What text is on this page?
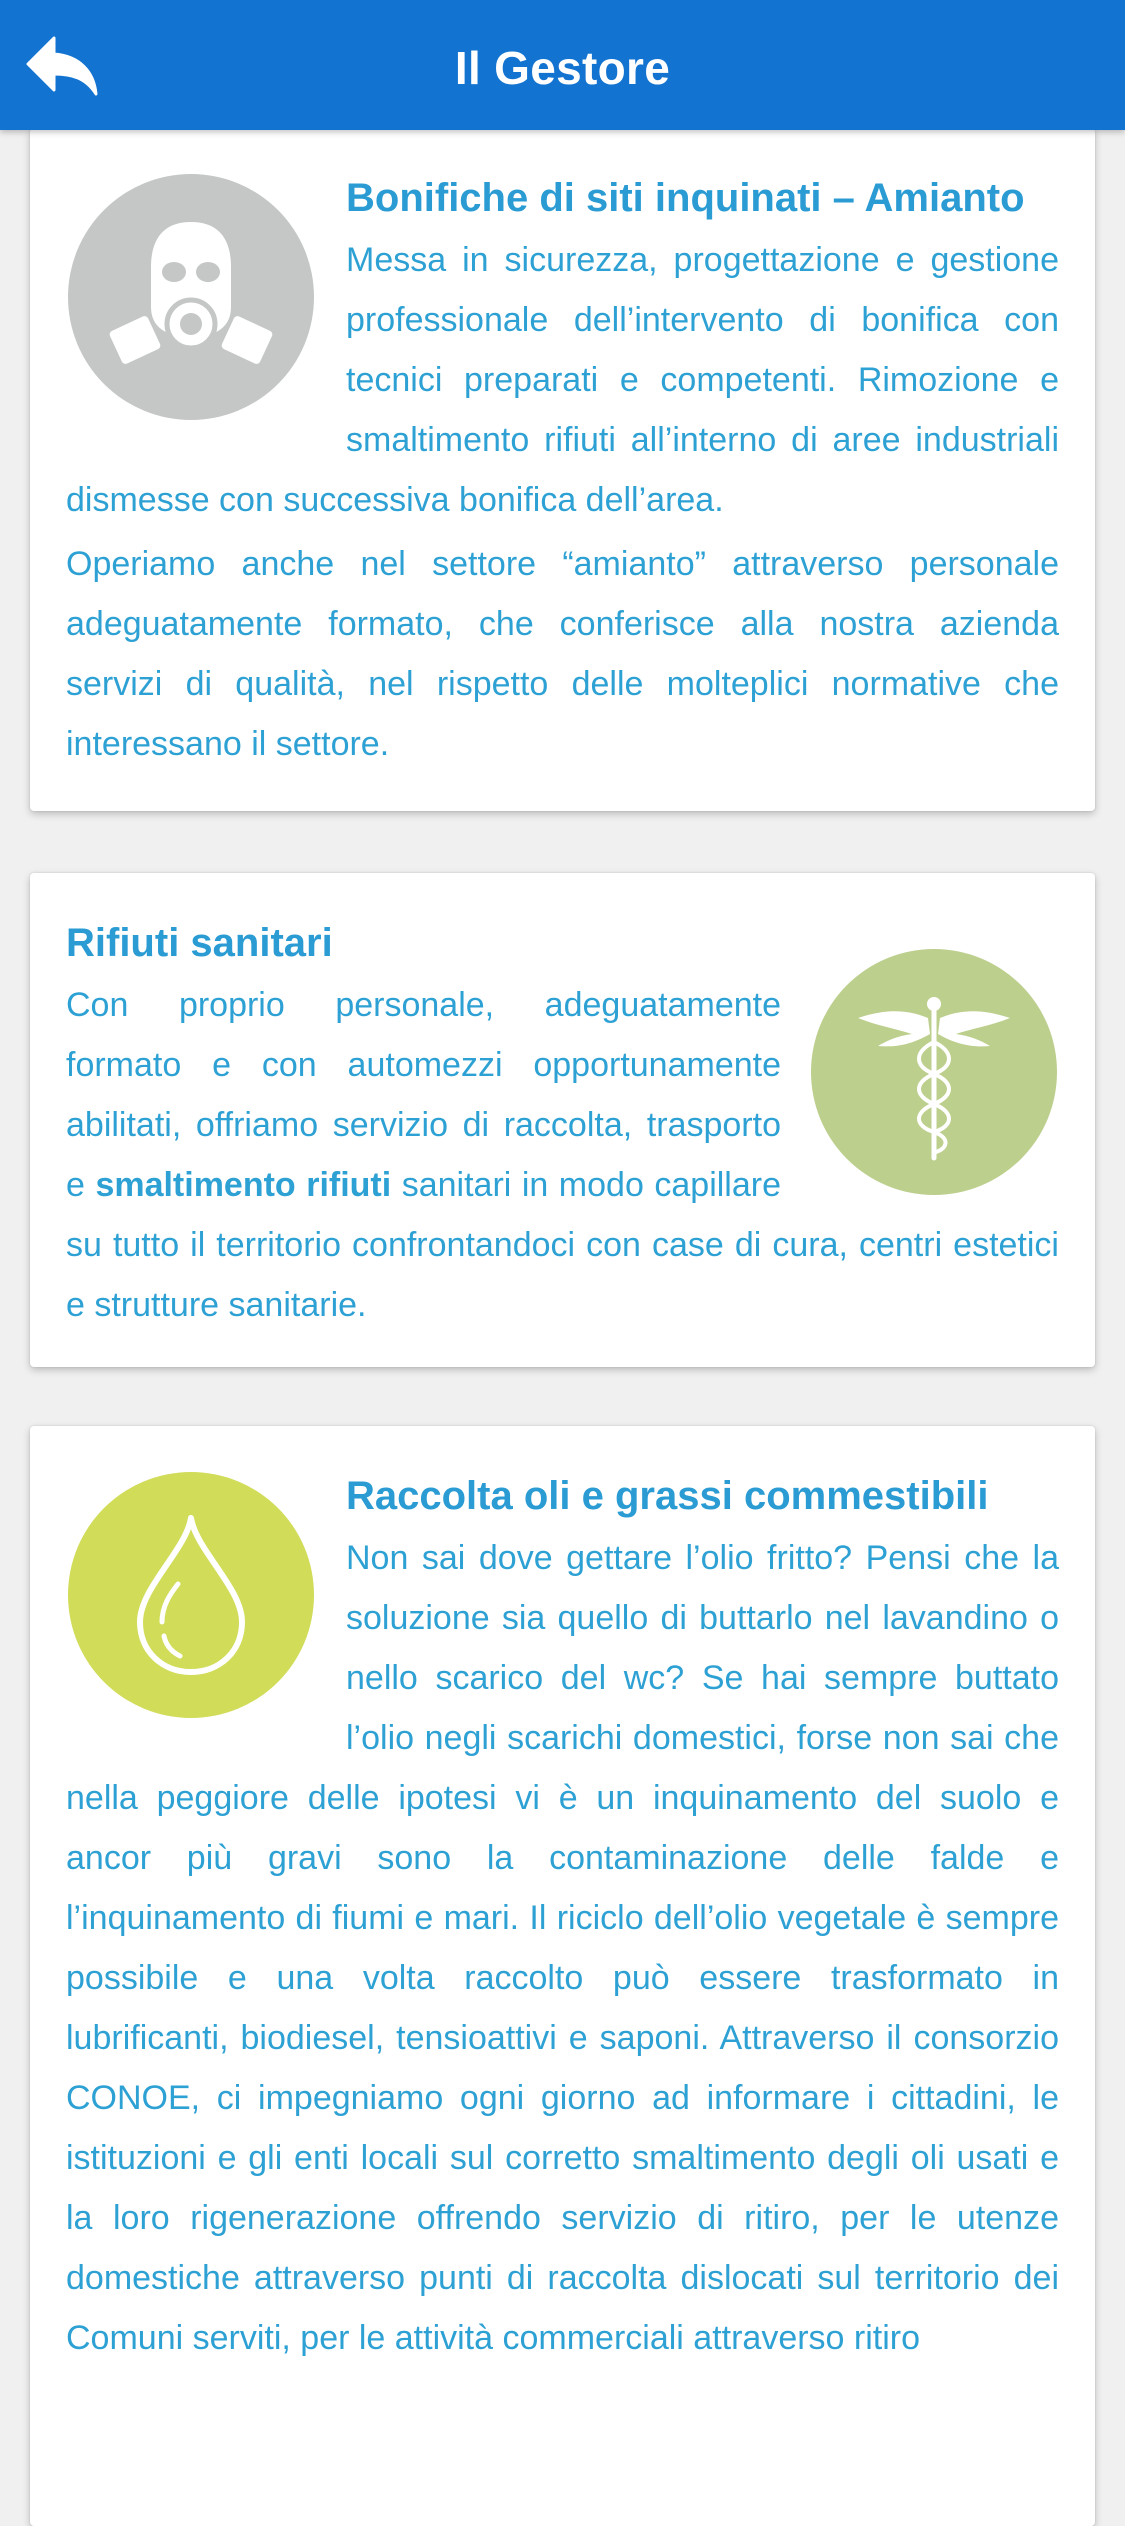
Il Gestore
Bonifiche di siti inquinati – Amianto

Messa in sicurezza, progettazione e gestione professionale dell’intervento di bonifica con tecnici preparati e competenti. Rimozione e smaltimento rifiuti all’interno di aree industriali dismesse con successiva bonifica dell’area.

Operiamo anche nel settore “amianto” attraverso personale adeguatamente formato, che conferisce alla nostra azienda servizi di qualità, nel rispetto delle molteplici normative che interessano il settore.

Rifiuti sanitari

Con proprio personale, adeguatamente formato e con automezzi opportunamente abilitati, offriamo servizio di raccolta, trasporto e smaltimento rifiuti sanitari in modo capillare su tutto il territorio confrontandoci con case di cura, centri estetici e strutture sanitarie.

Raccolta oli e grassi commestibili

Non sai dove gettare l’olio fritto? Pensi che la soluzione sia quello di buttarlo nel lavandino o nello scarico del wc? Se hai sempre buttato l’olio negli scarichi domestici, forse non sai che nella peggiore delle ipotesi vi è un inquinamento del suolo e ancor più gravi sono la contaminazione delle falde e l’inquinamento di fiumi e mari. Il riciclo dell’olio vegetale è sempre possibile e una volta raccolto può essere trasformato in lubrificanti, biodiesel, tensioattivi e saponi. Attraverso il consorzio CONOE, ci impegniamo ogni giorno ad informare i cittadini, le istituzioni e gli enti locali sul corretto smaltimento degli oli usati e la loro rigenerazione offrendo servizio di ritiro, per le utenze domestiche attraverso punti di raccolta dislocati sul territorio dei Comuni serviti, per le attività commerciali attraverso ritiro
